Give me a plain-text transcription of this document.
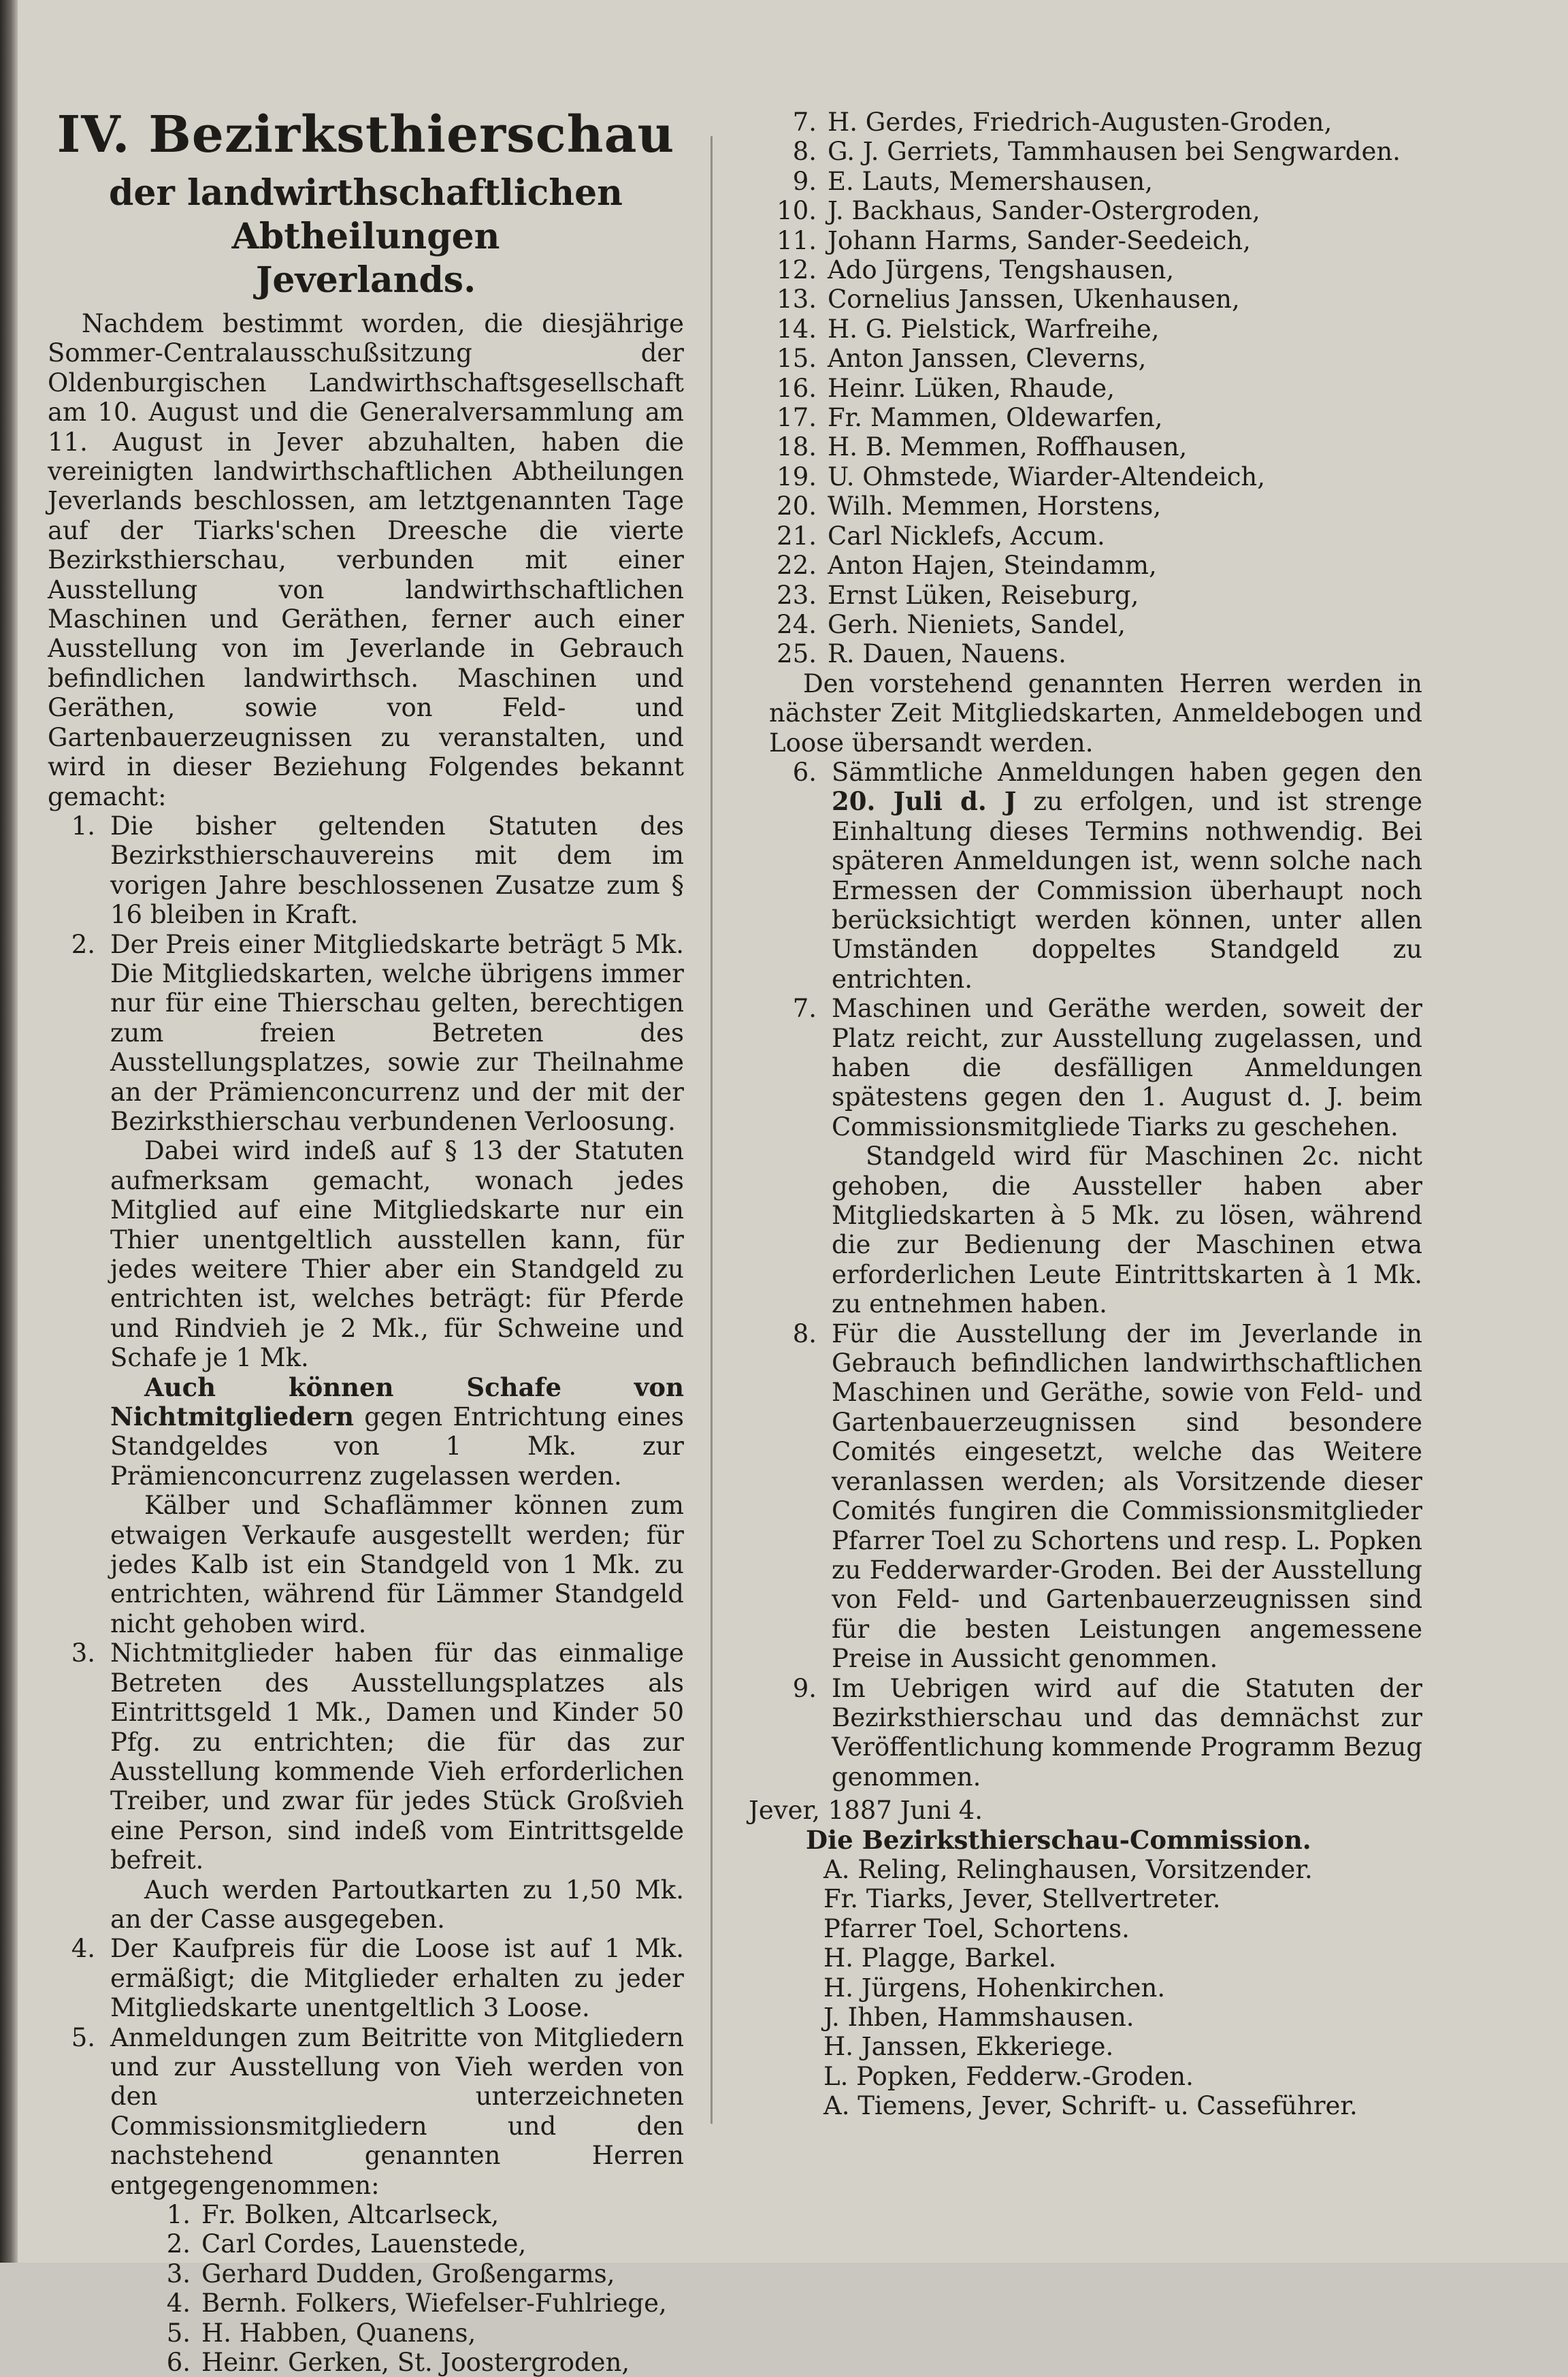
IV. Bezirksthierschau

der landwirthschaftlichen Abtheilungen

Jeverlands.

Nachdem bestimmt worden, die diesjährige Sommer-Centralausschußsitzung der Oldenburgischen Landwirthschaftsgesellschaft am 10. August und die Generalversammlung am 11. August in Jever abzuhalten, haben die vereinigten landwirthschaftlichen Abtheilungen Jeverlands beschlossen, am letztgenannten Tage auf der Tiarks'schen Dreesche die vierte Bezirksthierschau, verbunden mit einer Ausstellung von landwirthschaftlichen Maschinen und Geräthen, ferner auch einer Ausstellung von im Jeverlande in Gebrauch befindlichen landwirthsch. Maschinen und Geräthen, sowie von Feld- und Gartenbauerzeugnissen zu veranstalten, und wird in dieser Beziehung Folgendes bekannt gemacht:

1. Die bisher geltenden Statuten des Bezirksthierschauvereins mit dem im vorigen Jahre beschlossenen Zusatze zum § 16 bleiben in Kraft.

2. Der Preis einer Mitgliedskarte beträgt 5 Mk. Die Mitgliedskarten, welche übrigens immer nur für eine Thierschau gelten, berechtigen zum freien Betreten des Ausstellungsplatzes, sowie zur Theilnahme an der Prämienconcurrenz und der mit der Bezirksthierschau verbundenen Verloosung.

Dabei wird indeß auf § 13 der Statuten aufmerksam gemacht, wonach jedes Mitglied auf eine Mitgliedskarte nur ein Thier unentgeltlich ausstellen kann, für jedes weitere Thier aber ein Standgeld zu entrichten ist, welches beträgt: für Pferde und Rindvieh je 2 Mk., für Schweine und Schafe je 1 Mk.

Auch können Schafe von Nichtmitgliedern gegen Entrichtung eines Standgeldes von 1 Mk. zur Prämienconcurrenz zugelassen werden.

Kälber und Schaflämmer können zum etwaigen Verkaufe ausgestellt werden; für jedes Kalb ist ein Standgeld von 1 Mk. zu entrichten, während für Lämmer Standgeld nicht gehoben wird.

3. Nichtmitglieder haben für das einmalige Betreten des Ausstellungsplatzes als Eintrittsgeld 1 Mk., Damen und Kinder 50 Pfg. zu entrichten; die für das zur Ausstellung kommende Vieh erforderlichen Treiber, und zwar für jedes Stück Großvieh eine Person, sind indeß vom Eintrittsgelde befreit.

Auch werden Partoutkarten zu 1,50 Mk. an der Casse ausgegeben.

4. Der Kaufpreis für die Loose ist auf 1 Mk. ermäßigt; die Mitglieder erhalten zu jeder Mitgliedskarte unentgeltlich 3 Loose.

5. Anmeldungen zum Beitritte von Mitgliedern und zur Ausstellung von Vieh werden von den unterzeichneten Commissionsmitgliedern und den nachstehend genannten Herren entgegengenommen:

1. Fr. Bolken, Altcarlseck,
2. Carl Cordes, Lauenstede,
3. Gerhard Dudden, Großengarms,
4. Bernh. Folkers, Wiefelser-Fuhlriege,
5. H. Habben, Quanens,
6. Heinr. Gerken, St. Joostergroden,
7. H. Gerdes, Friedrich-Augusten-Groden,
8. G. J. Gerriets, Tammhausen bei Sengwarden.
9. E. Lauts, Memershausen,
10. J. Backhaus, Sander-Ostergroden,
11. Johann Harms, Sander-Seedeich,
12. Ado Jürgens, Tengshausen,
13. Cornelius Janssen, Ukenhausen,
14. H. G. Pielstick, Warfreihe,
15. Anton Janssen, Cleverns,
16. Heinr. Lüken, Rhaude,
17. Fr. Mammen, Oldewarfen,
18. H. B. Memmen, Roffhausen,
19. U. Ohmstede, Wiarder-Altendeich,
20. Wilh. Memmen, Horstens,
21. Carl Nicklefs, Accum.
22. Anton Hajen, Steindamm,
23. Ernst Lüken, Reiseburg,
24. Gerh. Nieniets, Sandel,
25. R. Dauen, Nauens.

Den vorstehend genannten Herren werden in nächster Zeit Mitgliedskarten, Anmeldebogen und Loose übersandt werden.

6. Sämmtliche Anmeldungen haben gegen den 20. Juli d. J zu erfolgen, und ist strenge Einhaltung dieses Termins nothwendig. Bei späteren Anmeldungen ist, wenn solche nach Ermessen der Commission überhaupt noch berücksichtigt werden können, unter allen Umständen doppeltes Standgeld zu entrichten.

7. Maschinen und Geräthe werden, soweit der Platz reicht, zur Ausstellung zugelassen, und haben die desfälligen Anmeldungen spätestens gegen den 1. August d. J. beim Commissionsmitgliede Tiarks zu geschehen.

Standgeld wird für Maschinen 2c. nicht gehoben, die Aussteller haben aber Mitgliedskarten à 5 Mk. zu lösen, während die zur Bedienung der Maschinen etwa erforderlichen Leute Eintrittskarten à 1 Mk. zu entnehmen haben.

8. Für die Ausstellung der im Jeverlande in Gebrauch befindlichen landwirthschaftlichen Maschinen und Geräthe, sowie von Feld- und Gartenbauerzeugnissen sind besondere Comités eingesetzt, welche das Weitere veranlassen werden; als Vorsitzende dieser Comités fungiren die Commissionsmitglieder Pfarrer Toel zu Schortens und resp. L. Popken zu Fedderwarder-Groden. Bei der Ausstellung von Feld- und Gartenbauerzeugnissen sind für die besten Leistungen angemessene Preise in Aussicht genommen.

9. Im Uebrigen wird auf die Statuten der Bezirksthierschau und das demnächst zur Veröffentlichung kommende Programm Bezug genommen.

Jever, 1887 Juni 4.

Die Bezirksthierschau-Commission.

A. Reling, Relinghausen, Vorsitzender.
Fr. Tiarks, Jever, Stellvertreter.
Pfarrer Toel, Schortens.
H. Plagge, Barkel.
H. Jürgens, Hohenkirchen.
J. Ihben, Hammshausen.
H. Janssen, Ekkeriege.
L. Popken, Fedderw.-Groden.
A. Tiemens, Jever, Schrift- u. Casseführer.
